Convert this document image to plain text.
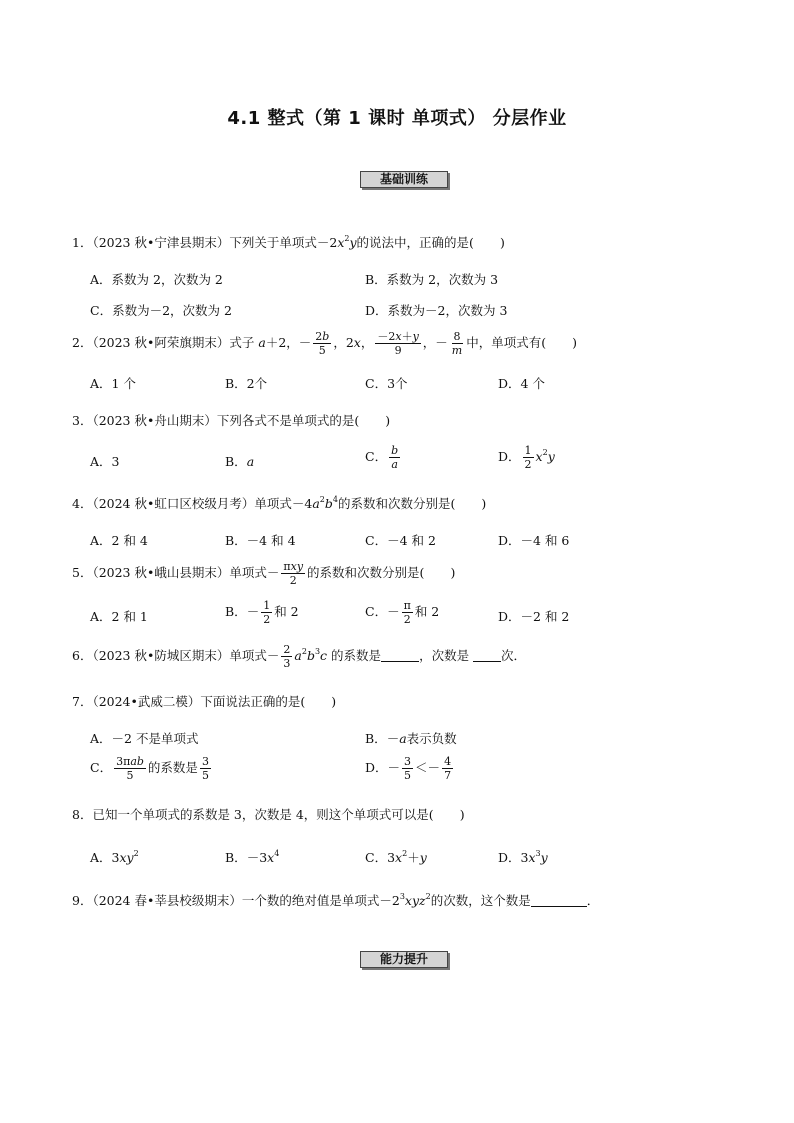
4.1 整式（第 1 课时 单项式） 分层作业
基础训练
1．（2023 秋•宁津县期末）下列关于单项式$-2x^2y$的说法中，正确的是( )
A．系数为 2，次数为 2	B．系数为 2，次数为 3
C．系数为－2，次数为 2	D．系数为－2，次数为 3
2．（2023 秋•阿荣旗期末）式子 a＋2，－ $\frac{2b}{5}$ ，2x， $\frac{-2x+y}{9}$ ，－ $\frac{8}{m}$ 中，单项式有( )
A．1 个	B．2个	C．3个	D．4 个
3．（2023 秋•舟山期末）下列各式不是单项式的是( )
A．3	B．a	C． $\frac{b}{a}$	D． $\frac{1}{2} x^2y$
4．（2024 秋•虹口区校级月考）单项式$-4a^2b^4$的系数和次数分别是( )
A．2 和 4	B．－4 和 4	C．－4 和 2	D．－4 和 6
5．（2023 秋•峨山县期末）单项式－ $\frac{\text{πxy}}{2}$ 的系数和次数分别是( )
A．2 和 1	B．－ $\frac{1}{2}$ 和 2	C．－ $\frac{\pi}{2}$ 和 2	D．－2 和 2
6．（2023 秋•防城区期末）单项式－ $\frac{2}{3} a^2b^3c$ 的系数是	，次数是 次．
7．（2024•武威二模）下面说法正确的是( )
A．－2 不是单项式	B．－a表示负数
C． $\frac{\text{3πab}}{5}$ 的系数是 $\frac{3}{5}$	D．－ $\frac{3}{5} <- \frac{4}{7}$
8．已知一个单项式的系数是 3，次数是 4，则这个单项式可以是( )
A．$3xy^2$	B．$-3x^4$	C．$3x^2+y$	D．$3x^3y$
9．（2024 春•莘县校级期末）一个数的绝对值是单项式$-2^3xyz^2$的次数，这个数是	．
能力提升
